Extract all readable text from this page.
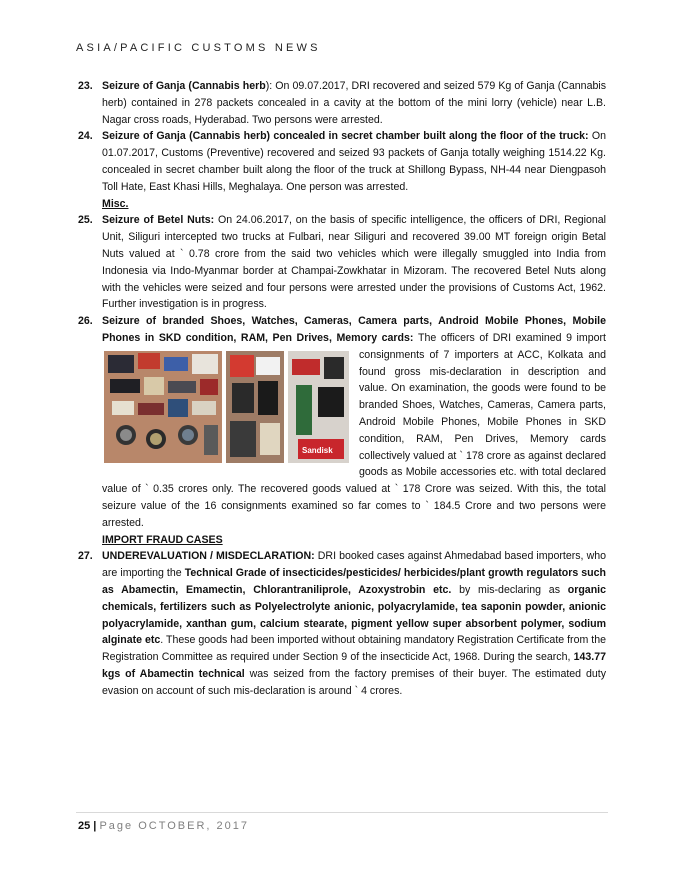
ASIA/PACIFIC CUSTOMS NEWS
23. Seizure of Ganja (Cannabis herb): On 09.07.2017, DRI recovered and seized 579 Kg of Ganja (Cannabis herb) contained in 278 packets concealed in a cavity at the bottom of the mini lorry (vehicle) near L.B. Nagar cross roads, Hyderabad. Two persons were arrested.
24. Seizure of Ganja (Cannabis herb) concealed in secret chamber built along the floor of the truck: On 01.07.2017, Customs (Preventive) recovered and seized 93 packets of Ganja totally weighing 1514.22 Kg. concealed in secret chamber built along the floor of the truck at Shillong Bypass, NH-44 near Diengpasoh Toll Hate, East Khasi Hills, Meghalaya. One person was arrested.
Misc.
25. Seizure of Betel Nuts: On 24.06.2017, on the basis of specific intelligence, the officers of DRI, Regional Unit, Siliguri intercepted two trucks at Fulbari, near Siliguri and recovered 39.00 MT foreign origin Betal Nuts valued at ` 0.78 crore from the said two vehicles which were illegally smuggled into India from Indonesia via Indo-Myanmar border at Champai-Zowkhatar in Mizoram. The recovered Betel Nuts along with the vehicles were seized and four persons were arrested under the provisions of Customs Act, 1962. Further investigation is in progress.
26. Seizure of branded Shoes, Watches, Cameras, Camera parts, Android Mobile Phones, Mobile Phones in SKD condition, RAM, Pen Drives, Memory cards:
Sandisk
The officers of DRI examined 9 import consignments of 7 importers at ACC, Kolkata and found gross mis-declaration in description and value. On examination, the goods were found to be branded Shoes, Watches, Cameras, Camera parts, Android Mobile Phones, Mobile Phones in SKD condition, RAM, Pen Drives, Memory cards collectively valued at ` 178 crore as against declared goods as Mobile accessories etc. with total declared value of ` 0.35 crores only. The recovered goods valued at ` 178 Crore was seized. With this, the total seizure value of the 16 consignments examined so far comes to ` 184.5 Crore and two persons were arrested.
IMPORT FRAUD CASES
27. UNDEREVALUATION / MISDECLARATION: DRI booked cases against Ahmedabad based importers, who are importing the Technical Grade of insecticides/pesticides/ herbicides/plant growth regulators such as Abamectin, Emamectin, Chlorantraniliprole, Azoxystrobin etc. by mis-declaring as organic chemicals, fertilizers such as Polyelectrolyte anionic, polyacrylamide, tea saponin powder, anionic polyacrylamide, xanthan gum, calcium stearate, pigment yellow super absorbent polymer, sodium alginate etc. These goods had been imported without obtaining mandatory Registration Certificate from the Registration Committee as required under Section 9 of the insecticide Act, 1968. During the search, 143.77 kgs of Abamectin technical was seized from the factory premises of their buyer. The estimated duty evasion on account of such mis-declaration is around ` 4 crores.
25 | Page OCTOBER, 2017
